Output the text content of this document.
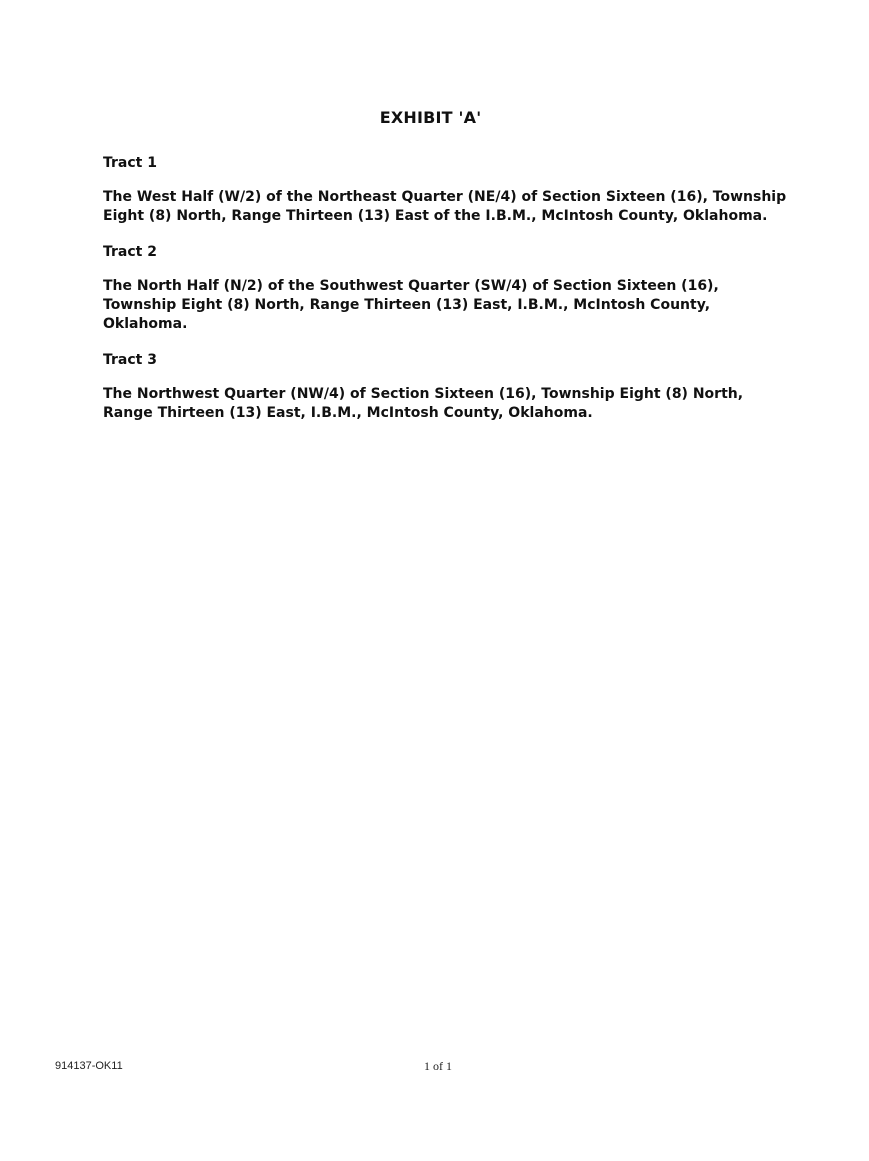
EXHIBIT 'A'

Tract 1

The West Half (W/2) of the Northeast Quarter (NE/4) of Section Sixteen (16), Township

Eight (8) North, Range Thirteen (13) East of the I.B.M., McIntosh County, Oklahoma.

Tract 2

The North Half (N/2) of the Southwest Quarter (SW/4) of Section Sixteen (16),

Township Eight (8) North, Range Thirteen (13) East, I.B.M., McIntosh County,

Oklahoma.

Tract 3

The Northwest Quarter (NW/4) of Section Sixteen (16), Township Eight (8) North,

Range Thirteen (13) East, I.B.M., McIntosh County, Oklahoma.

914137-OK11	1 of 1
